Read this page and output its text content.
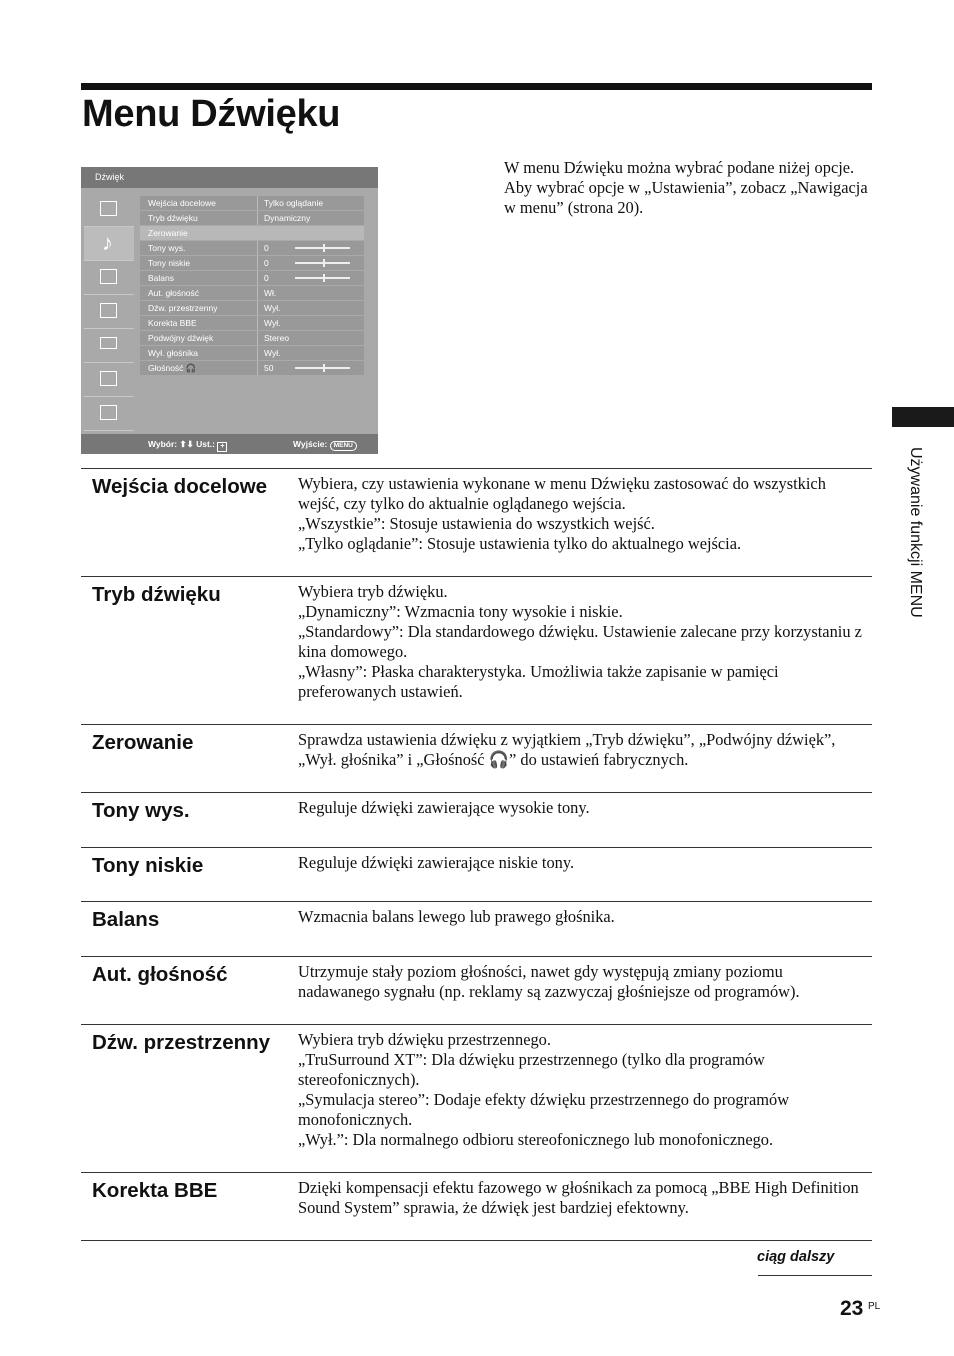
Menu Dźwięku

W menu Dźwięku można wybrać podane niżej opcje. Aby wybrać opcje w „Ustawienia”, zobacz „Nawigacja w menu” (strona 20).

Dźwięk
♪
Wejścia docelowe	Tylko oglądanie
Tryb dźwięku	Dynamiczny
Zerowanie
Tony wys.	0
Tony niskie	0
Balans	0
Aut. głośność	Wł.
Dźw. przestrzenny	Wył.
Korekta BBE	Wył.
Podwójny dźwięk	Stereo
Wył. głośnika	Wył.
Głośność 🎧	50
Wybór: ⬆⬇ Ust.: +	Wyjście: MENU
Używanie funkcji MENU
Wejścia docelowe	Wybiera, czy ustawienia wykonane w menu Dźwięku zastosować do wszystkich wejść, czy tylko do aktualnie oglądanego wejścia.
„Wszystkie”: Stosuje ustawienia do wszystkich wejść.
„Tylko oglądanie”: Stosuje ustawienia tylko do aktualnego wejścia.
Tryb dźwięku	Wybiera tryb dźwięku.
„Dynamiczny”: Wzmacnia tony wysokie i niskie.
„Standardowy”: Dla standardowego dźwięku. Ustawienie zalecane przy korzystaniu z kina domowego.
„Własny”: Płaska charakterystyka. Umożliwia także zapisanie w pamięci preferowanych ustawień.
Zerowanie	Sprawdza ustawienia dźwięku z wyjątkiem „Tryb dźwięku”, „Podwójny dźwięk”, „Wył. głośnika” i „Głośność 🎧” do ustawień fabrycznych.
Tony wys.	Reguluje dźwięki zawierające wysokie tony.
Tony niskie	Reguluje dźwięki zawierające niskie tony.
Balans	Wzmacnia balans lewego lub prawego głośnika.
Aut. głośność	Utrzymuje stały poziom głośności, nawet gdy występują zmiany poziomu nadawanego sygnału (np. reklamy są zazwyczaj głośniejsze od programów).
Dźw. przestrzenny	Wybiera tryb dźwięku przestrzennego.
„TruSurround XT”: Dla dźwięku przestrzennego (tylko dla programów stereofonicznych).
„Symulacja stereo”: Dodaje efekty dźwięku przestrzennego do programów monofonicznych.
„Wył.”: Dla normalnego odbioru stereofonicznego lub monofonicznego.
Korekta BBE	Dzięki kompensacji efektu fazowego w głośnikach za pomocą „BBE High Definition Sound System” sprawia, że dźwięk jest bardziej efektowny.
ciąg dalszy
23 PL
